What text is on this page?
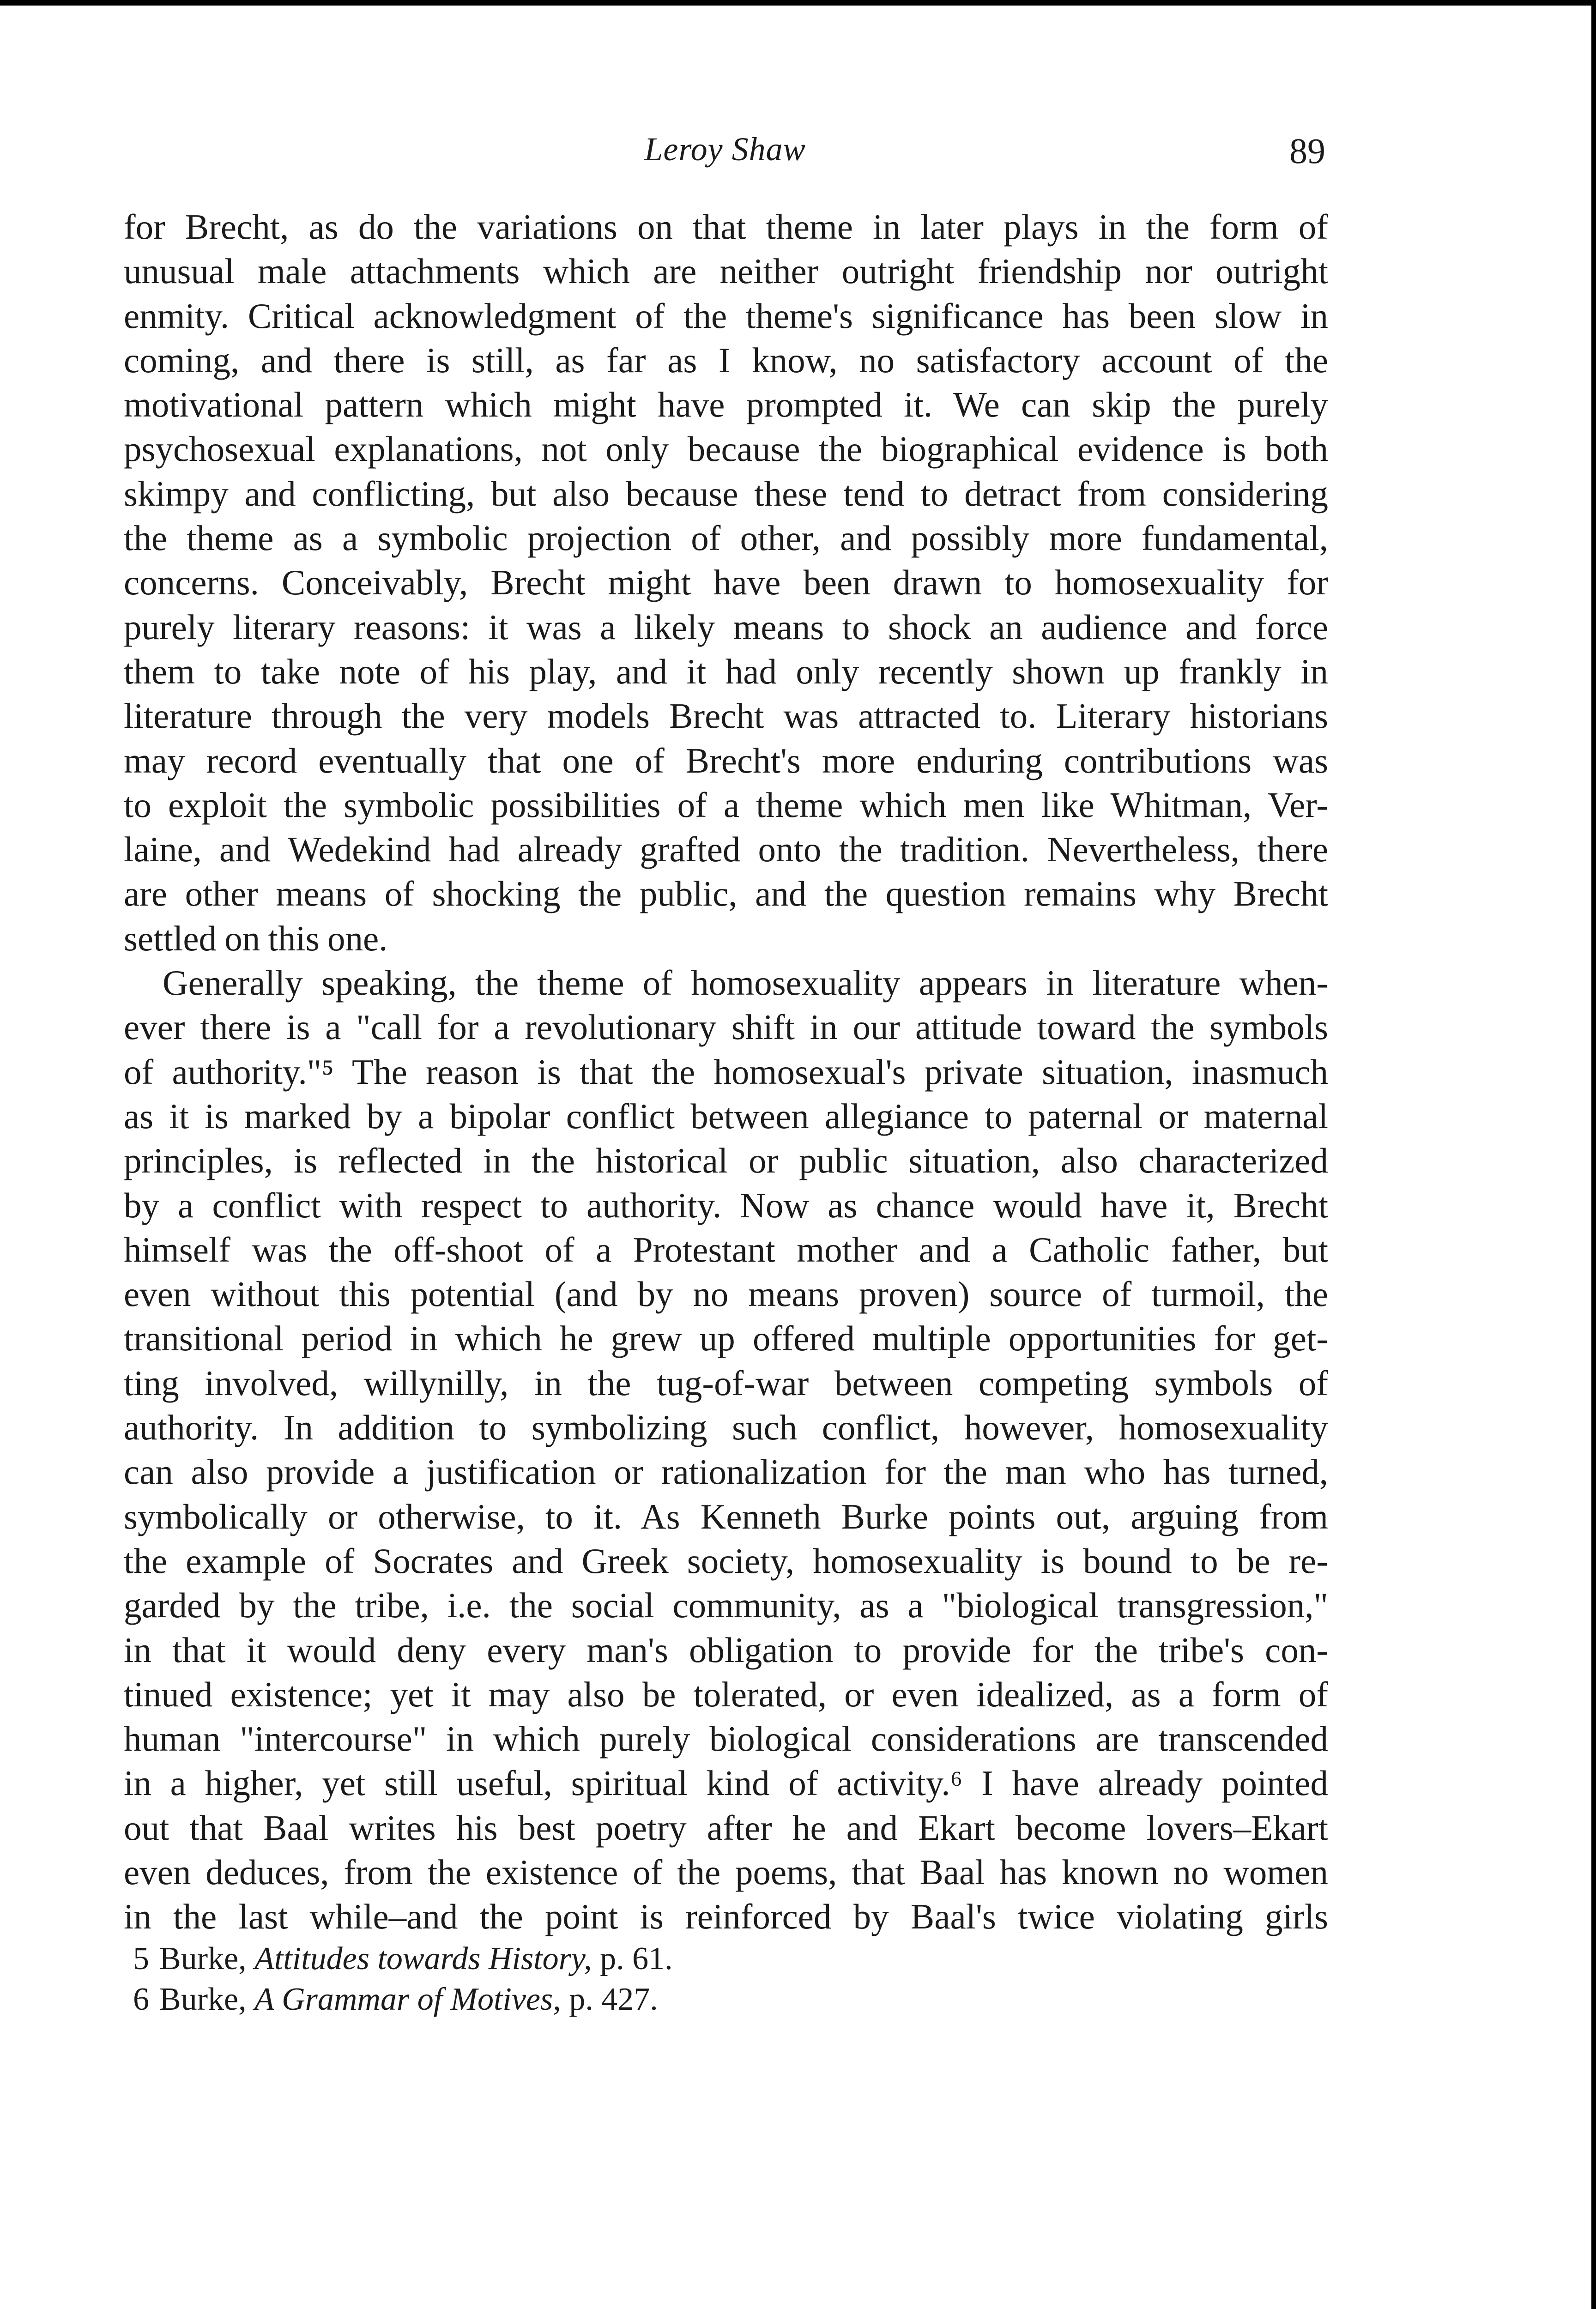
Leroy Shaw	89
for Brecht, as do the variations on that theme in later plays in the form of
unusual male attachments which are neither outright friendship nor outright
enmity. Critical acknowledgment of the theme's significance has been slow in
coming, and there is still, as far as I know, no satisfactory account of the
motivational pattern which might have prompted it. We can skip the purely
psychosexual explanations, not only because the biographical evidence is both
skimpy and conflicting, but also because these tend to detract from considering
the theme as a symbolic projection of other, and possibly more fundamental,
concerns. Conceivably, Brecht might have been drawn to homosexuality for
purely literary reasons: it was a likely means to shock an audience and force
them to take note of his play, and it had only recently shown up frankly in
literature through the very models Brecht was attracted to. Literary historians
may record eventually that one of Brecht's more enduring contributions was
to exploit the symbolic possibilities of a theme which men like Whitman, Ver-
laine, and Wedekind had already grafted onto the tradition. Nevertheless, there
are other means of shocking the public, and the question remains why Brecht
settled on this one.
Generally speaking, the theme of homosexuality appears in literature when-
ever there is a "call for a revolutionary shift in our attitude toward the symbols
of authority."⁵ The reason is that the homosexual's private situation, inasmuch
as it is marked by a bipolar conflict between allegiance to paternal or maternal
principles, is reflected in the historical or public situation, also characterized
by a conflict with respect to authority. Now as chance would have it, Brecht
himself was the off-shoot of a Protestant mother and a Catholic father, but
even without this potential (and by no means proven) source of turmoil, the
transitional period in which he grew up offered multiple opportunities for get-
ting involved, willynilly, in the tug-of-war between competing symbols of
authority. In addition to symbolizing such conflict, however, homosexuality
can also provide a justification or rationalization for the man who has turned,
symbolically or otherwise, to it. As Kenneth Burke points out, arguing from
the example of Socrates and Greek society, homosexuality is bound to be re-
garded by the tribe, i.e. the social community, as a "biological transgression,"
in that it would deny every man's obligation to provide for the tribe's con-
tinued existence; yet it may also be tolerated, or even idealized, as a form of
human "intercourse" in which purely biological considerations are transcended
in a higher, yet still useful, spiritual kind of activity.⁶ I have already pointed
out that Baal writes his best poetry after he and Ekart become lovers–Ekart
even deduces, from the existence of the poems, that Baal has known no women
in the last while–and the point is reinforced by Baal's twice violating girls
5 Burke, Attitudes towards History, p. 61.
6 Burke, A Grammar of Motives, p. 427.
